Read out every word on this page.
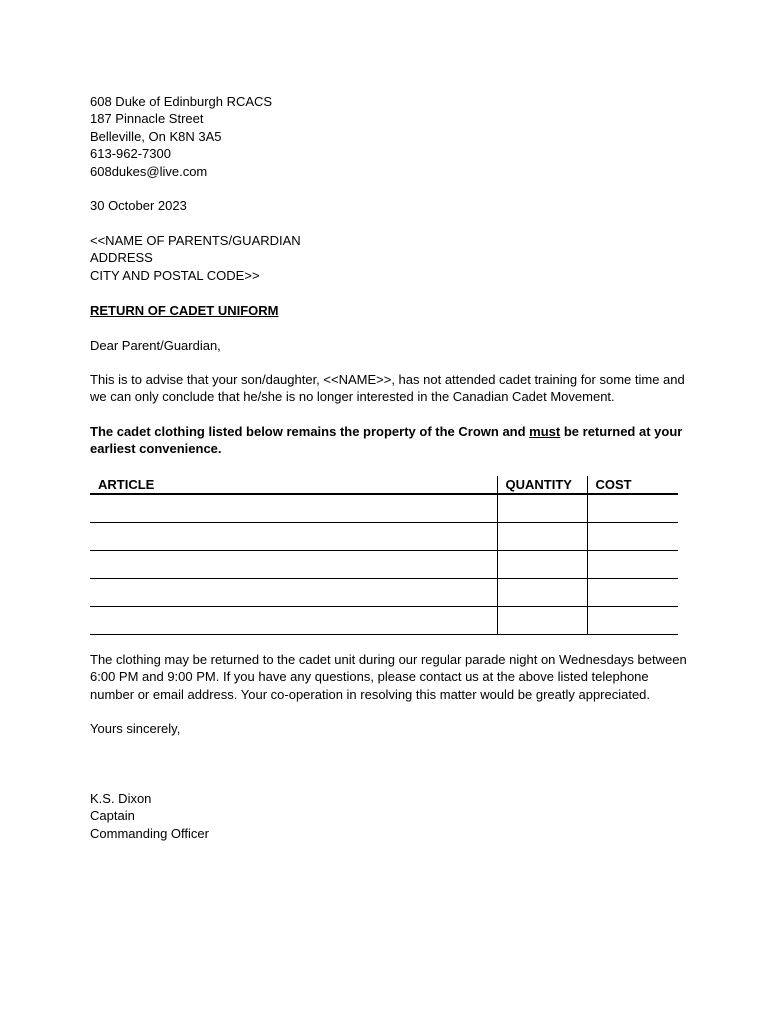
608 Duke of Edinburgh RCACS
187 Pinnacle Street
Belleville, On K8N 3A5
613-962-7300
608dukes@live.com
30 October 2023
<<NAME OF PARENTS/GUARDIAN
ADDRESS
CITY AND POSTAL CODE>>
RETURN OF CADET UNIFORM
Dear Parent/Guardian,
This is to advise that your son/daughter, <<NAME>>, has not attended cadet training for some time and
we can only conclude that he/she is no longer interested in the Canadian Cadet Movement.
The cadet clothing listed below remains the property of the Crown and must be returned at your
earliest convenience.
ARTICLE	QUANTITY	COST

The clothing may be returned to the cadet unit during our regular parade night on Wednesdays between
6:00 PM and 9:00 PM. If you have any questions, please contact us at the above listed telephone
number or email address. Your co-operation in resolving this matter would be greatly appreciated.
Yours sincerely,
K.S. Dixon
Captain
Commanding Officer
